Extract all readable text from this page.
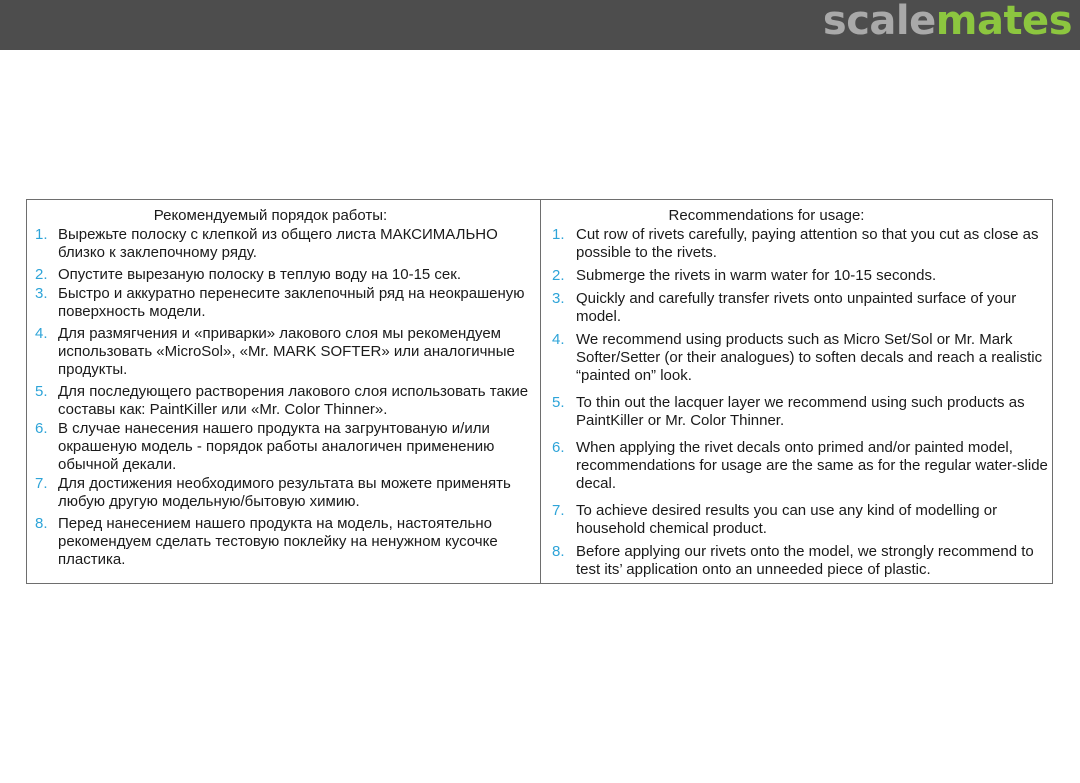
scalemates
Рекомендуемый порядок работы:
1. Вырежьте полоску с клепкой из общего листа МАКСИМАЛЬНО близко к заклепочному ряду.
2. Опустите вырезаную полоску в теплую воду на 10-15 сек.
3. Быстро и аккуратно перенесите заклепочный ряд на неокрашеную поверхность модели.
4. Для размягчения и «приварки» лакового слоя мы рекомендуем использовать «MicroSol», «Mr. MARK SOFTER» или аналогичные продукты.
5. Для последующего растворения лакового слоя использовать такие составы как: PaintKiller или «Mr. Color Thinner».
6. В случае нанесения нашего продукта на загрунтованую и/или окрашеную модель - порядок работы аналогичен применению обычной декали.
7. Для достижения необходимого результата вы можете применять любую другую модельную/бытовую химию.
8. Перед нанесением нашего продукта на модель, настоятельно рекомендуем сделать тестовую поклейку на ненужном кусочке пластика.
Recommendations for usage:
1. Cut row of rivets carefully, paying attention so that you cut as close as possible to the rivets.
2. Submerge the rivets in warm water for 10-15 seconds.
3. Quickly and carefully transfer rivets onto unpainted surface of your model.
4. We recommend using products such as Micro Set/Sol or Mr. Mark Softer/Setter (or their analogues) to soften decals and reach a realistic “painted on” look.
5. To thin out the lacquer layer we recommend using such products as PaintKiller or Mr. Color Thinner.
6. When applying the rivet decals onto primed and/or painted model, recommendations for usage are the same as for the regular water-slide decal.
7. To achieve desired results you can use any kind of modelling or household chemical product.
8. Before applying our rivets onto the model, we strongly recommend to test its’ application onto an unneeded piece of plastic.
